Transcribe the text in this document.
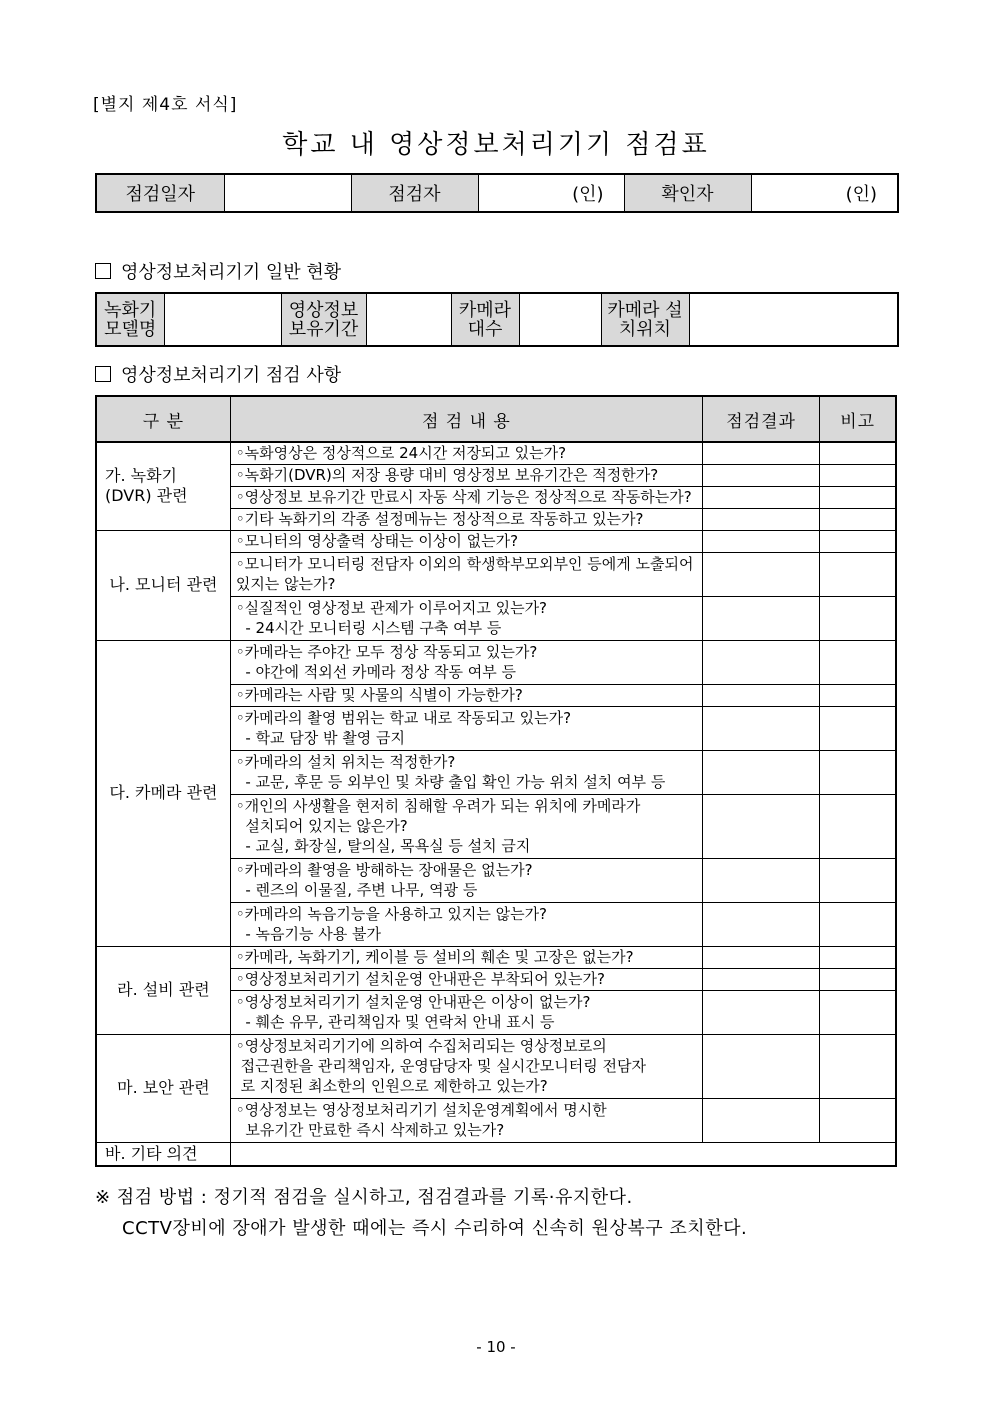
[별지 제4호 서식]
학교 내 영상정보처리기기 점검표
점검일자		점검자	(인)	확인자	(인)
영상정보처리기기 일반 현황
녹화기 모델명		영상정보 보유기간		카메라 대수		카메라 설치위치	
영상정보처리기기 점검 사항
구 분	점 검 내 용	점검결과	비고
가. 녹화기 (DVR) 관련	◦녹화영상은 정상적으로 24시간 저장되고 있는가?		
	◦녹화기(DVR)의 저장 용량 대비 영상정보 보유기간은 적정한가?		
	◦영상정보 보유기간 만료시 자동 삭제 기능은 정상적으로 작동하는가?		
	◦기타 녹화기의 각종 설정메뉴는 정상적으로 작동하고 있는가?		
나. 모니터 관련	◦모니터의 영상출력 상태는 이상이 없는가?		
	◦모니터가 모니터링 전담자 이외의 학생학부모외부인 등에게 노출되어 있지는 않는가?		
	◦실질적인 영상정보 관제가 이루어지고 있는가?
- 24시간 모니터링 시스템 구축 여부 등		
다. 카메라 관련	◦카메라는 주야간 모두 정상 작동되고 있는가?
- 야간에 적외선 카메라 정상 작동 여부 등		
	◦카메라는 사람 및 사물의 식별이 가능한가?		
	◦카메라의 촬영 범위는 학교 내로 작동되고 있는가?
- 학교 담장 밖 촬영 금지		
	◦카메라의 설치 위치는 적정한가?
- 교문, 후문 등 외부인 및 차량 출입 확인 가능 위치 설치 여부 등		
	◦개인의 사생활을 현저히 침해할 우려가 되는 위치에 카메라가
설치되어 있지는 않은가?
- 교실, 화장실, 탈의실, 목욕실 등 설치 금지		
	◦카메라의 촬영을 방해하는 장애물은 없는가?
- 렌즈의 이물질, 주변 나무, 역광 등		
	◦카메라의 녹음기능을 사용하고 있지는 않는가?
- 녹음기능 사용 불가		
라. 설비 관련	◦카메라, 녹화기기, 케이블 등 설비의 훼손 및 고장은 없는가?		
	◦영상정보처리기기 설치운영 안내판은 부착되어 있는가?		
	◦영상정보처리기기 설치운영 안내판은 이상이 없는가?
- 훼손 유무, 관리책임자 및 연락처 안내 표시 등		
마. 보안 관련	◦영상정보처리기기에 의하여 수집처리되는 영상정보로의
접근권한을 관리책임자, 운영담당자 및 실시간모니터링 전담자
로 지정된 최소한의 인원으로 제한하고 있는가?		
	◦영상정보는 영상정보처리기기 설치운영계획에서 명시한
보유기간 만료한 즉시 삭제하고 있는가?		
바. 기타 의견			
※ 점검 방법 : 정기적 점검을 실시하고, 점검결과를 기록·유지한다.
CCTV장비에 장애가 발생한 때에는 즉시 수리하여 신속히 원상복구 조치한다.
- 10 -
